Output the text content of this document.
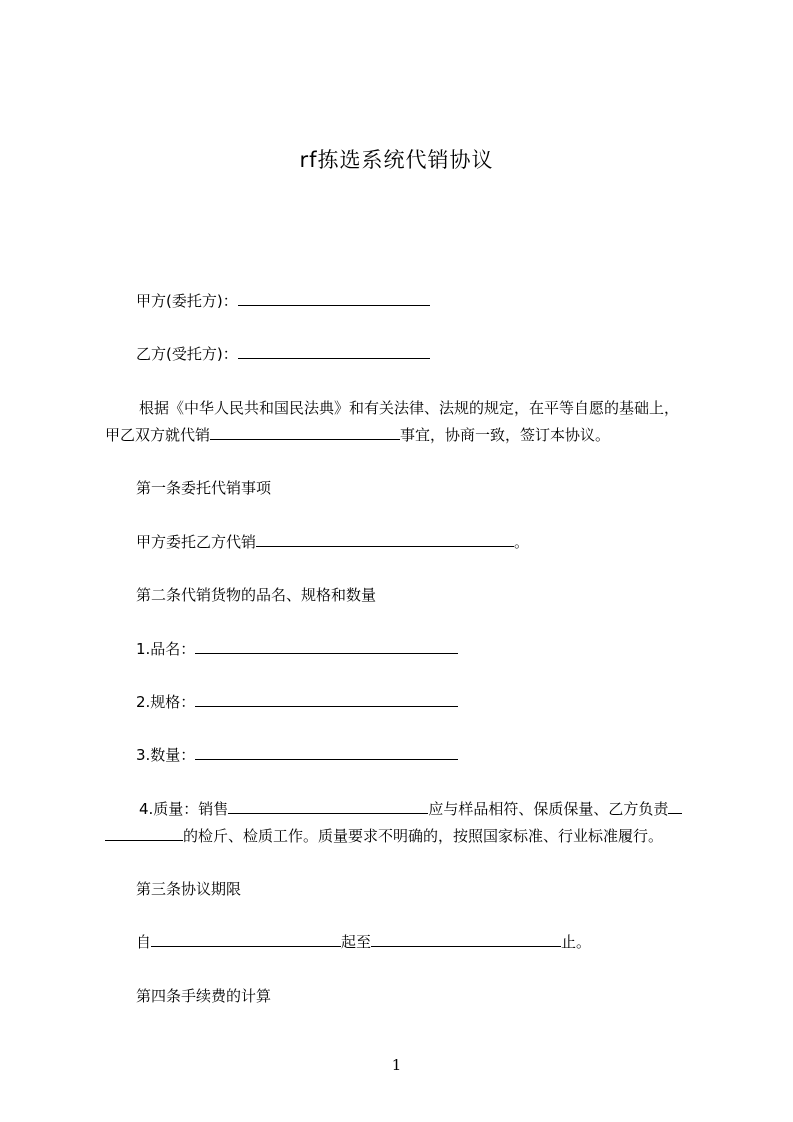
rf拣选系统代销协议
甲方(委托方)：
乙方(受托方)：
根据《中华人民共和国民法典》和有关法律、法规的规定，在平等自愿的基础上，
甲乙双方就代销	事宜，协商一致，签订本协议。
第一条委托代销事项
甲方委托乙方代销	。
第二条代销货物的品名、规格和数量
1.品名：
2.规格：
3.数量：
4.质量：销售	应与样品相符、保质保量、乙方负责
的检斤、检质工作。质量要求不明确的，按照国家标准、行业标准履行。
第三条协议期限
自	起至	止。
第四条手续费的计算
1
